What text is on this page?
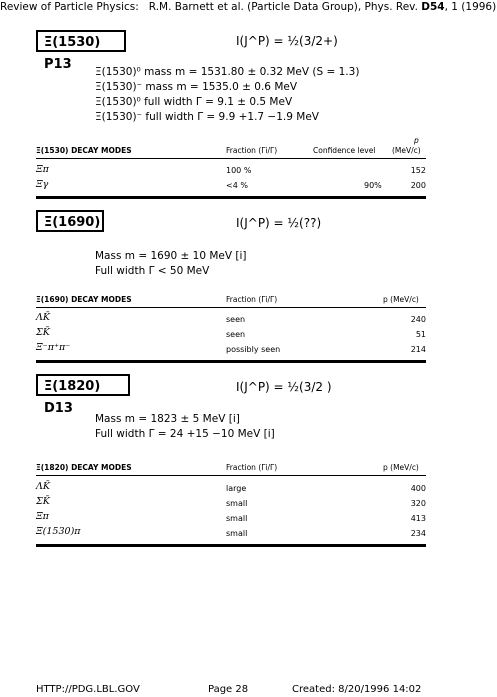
Review of Particle Physics: R.M. Barnett et al. (Particle Data Group), Phys. Rev. D54, 1 (1996)
Ξ(1530) P13
I(J^P) = ½(3/2+)
Ξ(1530)⁰ mass m = 1531.80 ± 0.32 MeV (S = 1.3)
Ξ(1530)⁻ mass m = 1535.0 ± 0.6 MeV
Ξ(1530)⁰ full width Γ = 9.1 ± 0.5 MeV
Ξ(1530)⁻ full width Γ = 9.9 +1.7 −1.9 MeV
Ξ(1530) DECAY MODES	Fraction (Γi/Γ)	Confidence level
p
(MeV/c)
Ξπ	100 %	152
Ξγ	<4 %	90%	200
Ξ(1690)	I(J^P) = ½(??)
Mass m = 1690 ± 10 MeV [i]
Full width Γ < 50 MeV
Ξ(1690) DECAY MODES	Fraction (Γi/Γ)	p (MeV/c)
ΛK̄	seen	240
ΣK̄	seen	51
Ξ⁻π⁺π⁻	possibly seen	214
Ξ(1820) D13
I(J^P) = ½(3/2 )
Mass m = 1823 ± 5 MeV [i]
Full width Γ = 24 +15 −10 MeV [i]
Ξ(1820) DECAY MODES	Fraction (Γi/Γ)	p (MeV/c)
ΛK̄	large	400
ΣK̄	small	320
Ξπ	small	413
Ξ(1530)π	small	234
HTTP://PDG.LBL.GOV	Page 28	Created: 8/20/1996 14:02
